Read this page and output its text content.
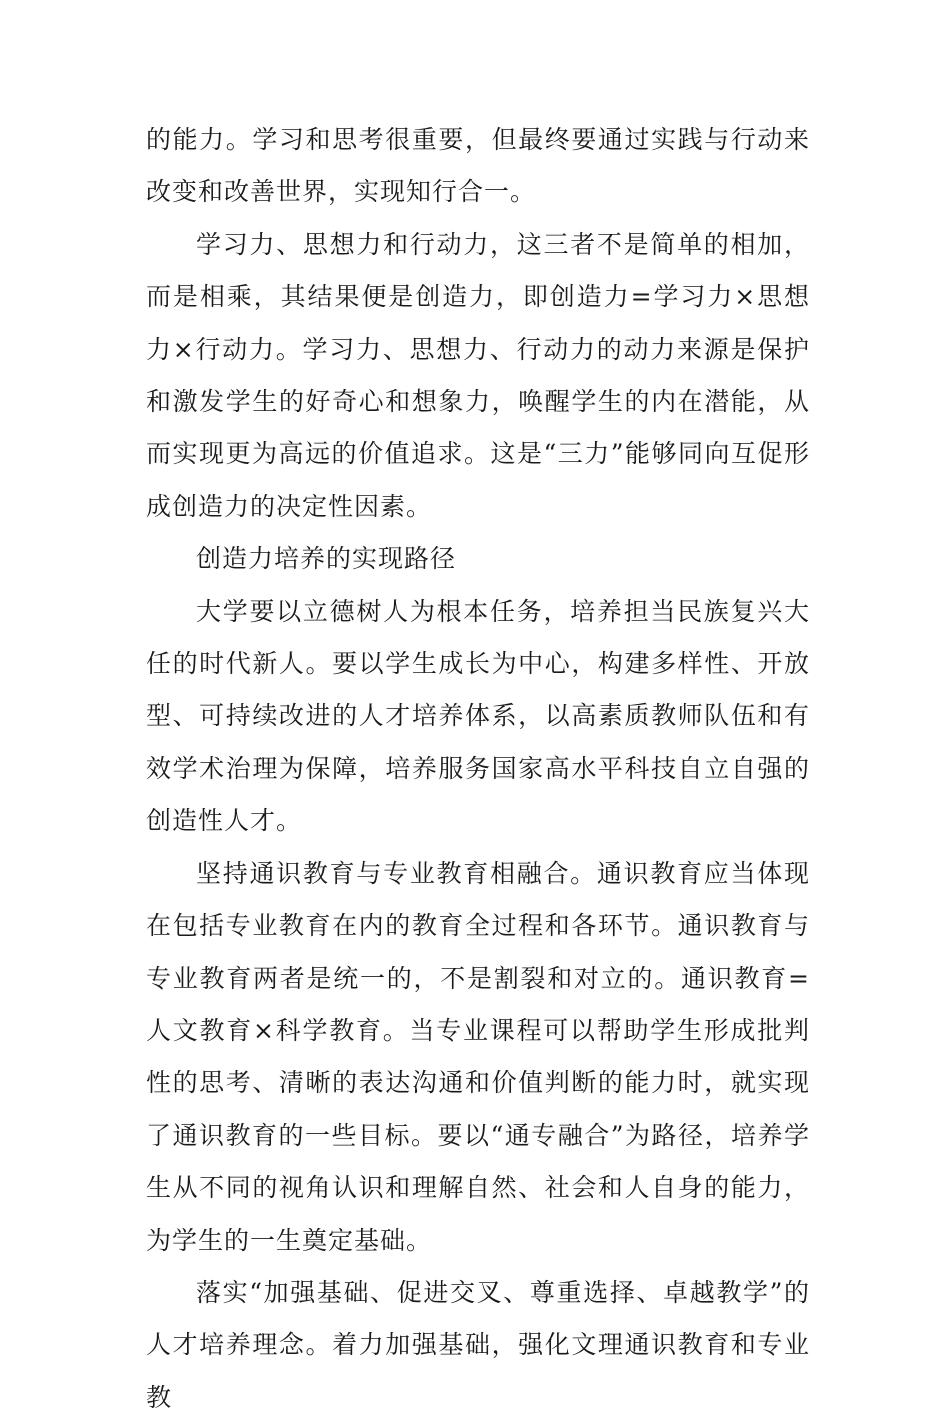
的能力。学习和思考很重要，但最终要通过实践与行动来改变和改善世界，实现知行合一。

学习力、思想力和行动力，这三者不是简单的相加，而是相乘，其结果便是创造力，即创造力=学习力×思想力×行动力。学习力、思想力、行动力的动力来源是保护和激发学生的好奇心和想象力，唤醒学生的内在潜能，从而实现更为高远的价值追求。这是“三力”能够同向互促形成创造力的决定性因素。

创造力培养的实现路径

大学要以立德树人为根本任务，培养担当民族复兴大任的时代新人。要以学生成长为中心，构建多样性、开放型、可持续改进的人才培养体系，以高素质教师队伍和有效学术治理为保障，培养服务国家高水平科技自立自强的创造性人才。

坚持通识教育与专业教育相融合。通识教育应当体现在包括专业教育在内的教育全过程和各环节。通识教育与专业教育两者是统一的，不是割裂和对立的。通识教育=人文教育×科学教育。当专业课程可以帮助学生形成批判性的思考、清晰的表达沟通和价值判断的能力时，就实现了通识教育的一些目标。要以“通专融合”为路径，培养学生从不同的视角认识和理解自然、社会和人自身的能力，为学生的一生奠定基础。

落实“加强基础、促进交叉、尊重选择、卓越教学”的人才培养理念。着力加强基础，强化文理通识教育和专业教
